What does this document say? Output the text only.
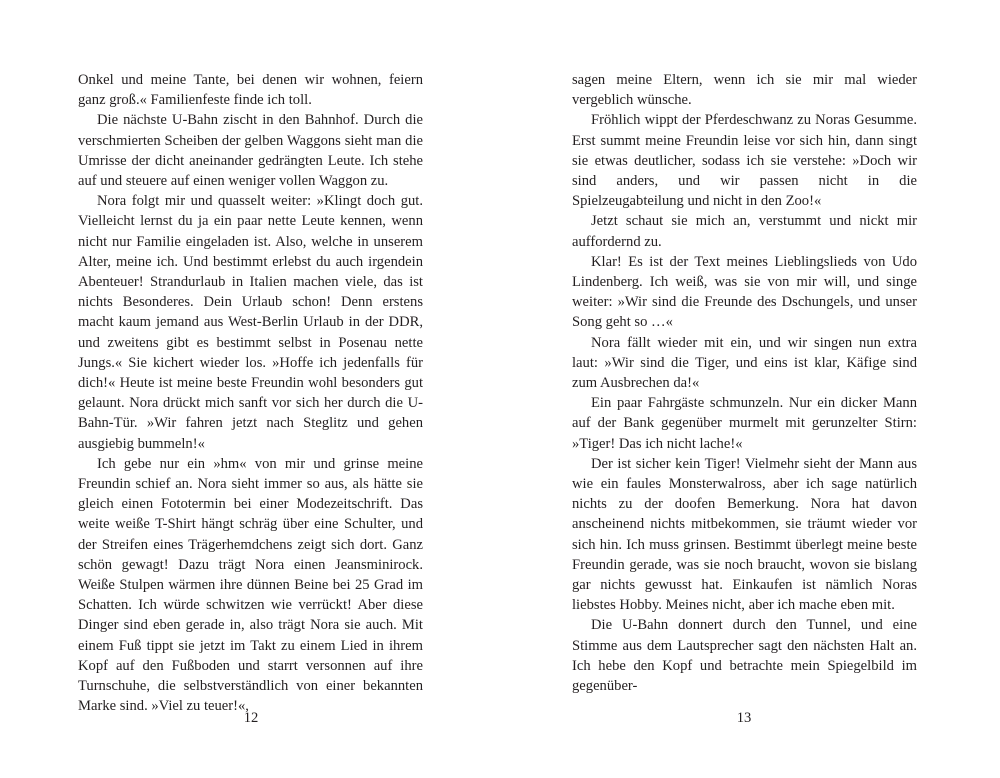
Onkel und meine Tante, bei denen wir wohnen, feiern ganz groß.« Familienfeste finde ich toll.

Die nächste U-Bahn zischt in den Bahnhof. Durch die verschmierten Scheiben der gelben Waggons sieht man die Umrisse der dicht aneinander gedrängten Leute. Ich stehe auf und steuere auf einen weniger vollen Waggon zu.

Nora folgt mir und quasselt weiter: »Klingt doch gut. Vielleicht lernst du ja ein paar nette Leute kennen, wenn nicht nur Familie eingeladen ist. Also, welche in unserem Alter, meine ich. Und bestimmt erlebst du auch irgendein Abenteuer! Strandurlaub in Italien machen viele, das ist nichts Besonderes. Dein Urlaub schon! Denn erstens macht kaum jemand aus West-Berlin Urlaub in der DDR, und zweitens gibt es bestimmt selbst in Posenau nette Jungs.« Sie kichert wieder los. »Hoffe ich jedenfalls für dich!« Heute ist meine beste Freundin wohl besonders gut gelaunt. Nora drückt mich sanft vor sich her durch die U-Bahn-Tür. »Wir fahren jetzt nach Steglitz und gehen ausgiebig bummeln!«

Ich gebe nur ein »hm« von mir und grinse meine Freundin schief an. Nora sieht immer so aus, als hätte sie gleich einen Fototermin bei einer Modezeitschrift. Das weite weiße T-Shirt hängt schräg über eine Schulter, und der Streifen eines Trägerhemdchens zeigt sich dort. Ganz schön gewagt! Dazu trägt Nora einen Jeansminirock. Weiße Stulpen wärmen ihre dünnen Beine bei 25 Grad im Schatten. Ich würde schwitzen wie verrückt! Aber diese Dinger sind eben gerade in, also trägt Nora sie auch. Mit einem Fuß tippt sie jetzt im Takt zu einem Lied in ihrem Kopf auf den Fußboden und starrt versonnen auf ihre Turnschuhe, die selbstverständlich von einer bekannten Marke sind. »Viel zu teuer!«,

12

sagen meine Eltern, wenn ich sie mir mal wieder vergeblich wünsche.

Fröhlich wippt der Pferdeschwanz zu Noras Gesumme. Erst summt meine Freundin leise vor sich hin, dann singt sie etwas deutlicher, sodass ich sie verstehe: »Doch wir sind anders, und wir passen nicht in die Spielzeugabteilung und nicht in den Zoo!«

Jetzt schaut sie mich an, verstummt und nickt mir auffordernd zu.

Klar! Es ist der Text meines Lieblingslieds von Udo Lindenberg. Ich weiß, was sie von mir will, und singe weiter: »Wir sind die Freunde des Dschungels, und unser Song geht so …«

Nora fällt wieder mit ein, und wir singen nun extra laut: »Wir sind die Tiger, und eins ist klar, Käfige sind zum Ausbrechen da!«

Ein paar Fahrgäste schmunzeln. Nur ein dicker Mann auf der Bank gegenüber murmelt mit gerunzelter Stirn: »Tiger! Das ich nicht lache!«

Der ist sicher kein Tiger! Vielmehr sieht der Mann aus wie ein faules Monsterwalross, aber ich sage natürlich nichts zu der doofen Bemerkung. Nora hat davon anscheinend nichts mitbekommen, sie träumt wieder vor sich hin. Ich muss grinsen. Bestimmt überlegt meine beste Freundin gerade, was sie noch braucht, wovon sie bislang gar nichts gewusst hat. Einkaufen ist nämlich Noras liebstes Hobby. Meines nicht, aber ich mache eben mit.

Die U-Bahn donnert durch den Tunnel, und eine Stimme aus dem Lautsprecher sagt den nächsten Halt an. Ich hebe den Kopf und betrachte mein Spiegelbild im gegenüber-

13
